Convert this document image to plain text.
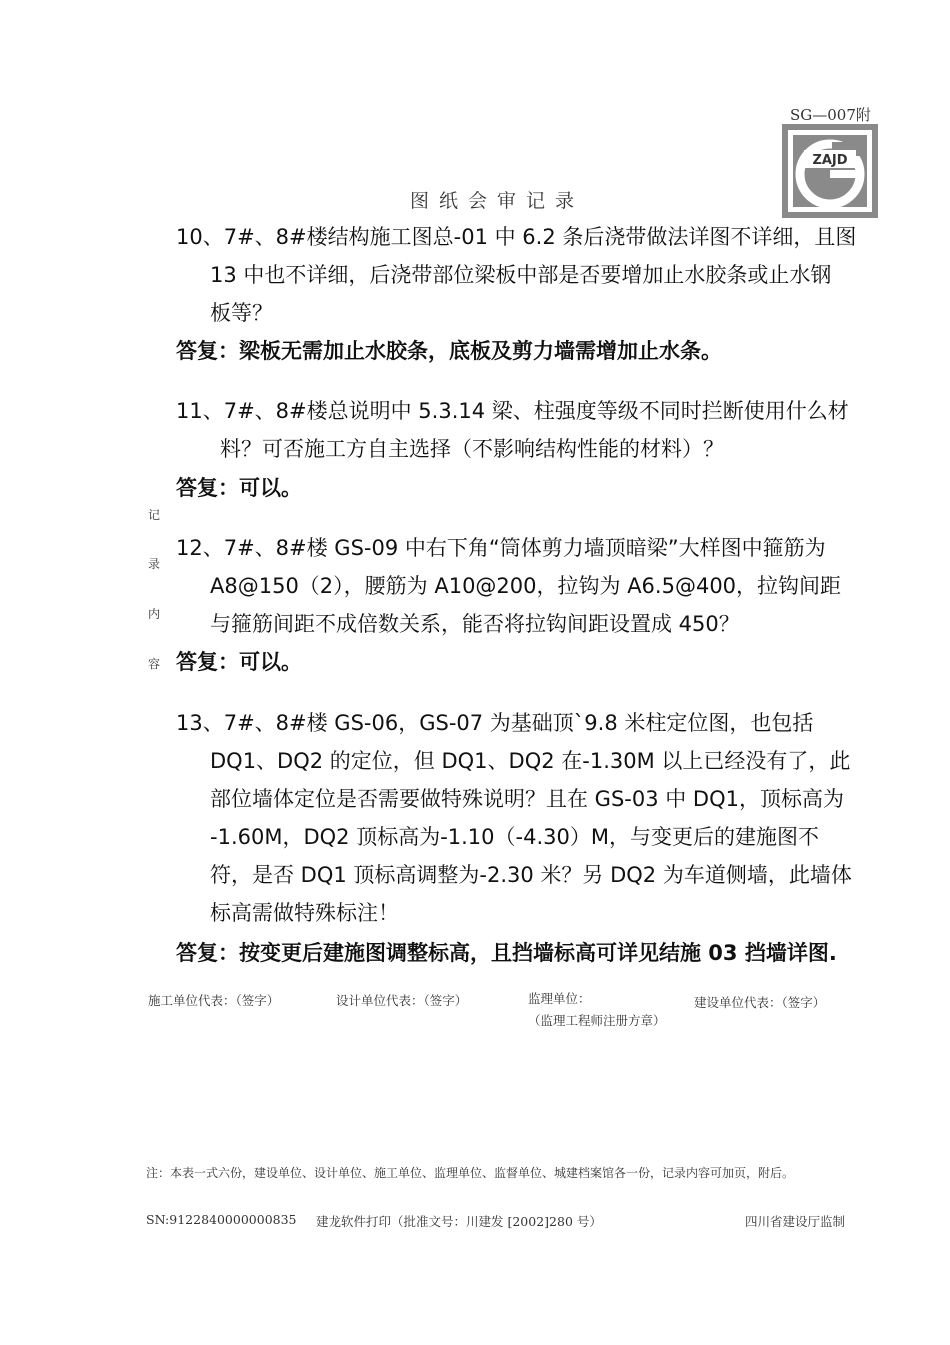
SG—007附
ZAJD
图纸会审记录
10、7#、8#楼结构施工图总-01 中 6.2 条后浇带做法详图不详细，且图
13 中也不详细，后浇带部位梁板中部是否要增加止水胶条或止水钢
板等？
答复：梁板无需加止水胶条，底板及剪力墙需增加止水条。
11、7#、8#楼总说明中 5.3.14 梁、柱强度等级不同时拦断使用什么材
料？可否施工方自主选择（不影响结构性能的材料）？
答复：可以。
记
录
内
容
12、7#、8#楼 GS-09 中右下角“筒体剪力墙顶暗梁”大样图中箍筋为
A8@150（2），腰筋为 A10@200，拉钩为 A6.5@400，拉钩间距
与箍筋间距不成倍数关系，能否将拉钩间距设置成 450？
答复：可以。
13、7#、8#楼 GS-06，GS-07 为基础顶`9.8 米柱定位图，也包括
DQ1、DQ2 的定位，但 DQ1、DQ2 在-1.30M 以上已经没有了，此
部位墙体定位是否需要做特殊说明？且在 GS-03 中 DQ1，顶标高为
-1.60M，DQ2 顶标高为-1.10（-4.30）M，与变更后的建施图不
符，是否 DQ1 顶标高调整为-2.30 米？另 DQ2 为车道侧墙，此墙体
标高需做特殊标注！
答复：按变更后建施图调整标高，且挡墙标高可详见结施 03 挡墙详图.
施工单位代表：（签字）	设计单位代表：（签字）	监理单位：
（监理工程师注册方章）
建设单位代表：（签字）
注：本表一式六份，建设单位、设计单位、施工单位、监理单位、监督单位、城建档案馆各一份，记录内容可加页，附后。
SN:9122840000000835 建龙软件打印（批准文号：川建发 [2002]280 号）	四川省建设厅监制
